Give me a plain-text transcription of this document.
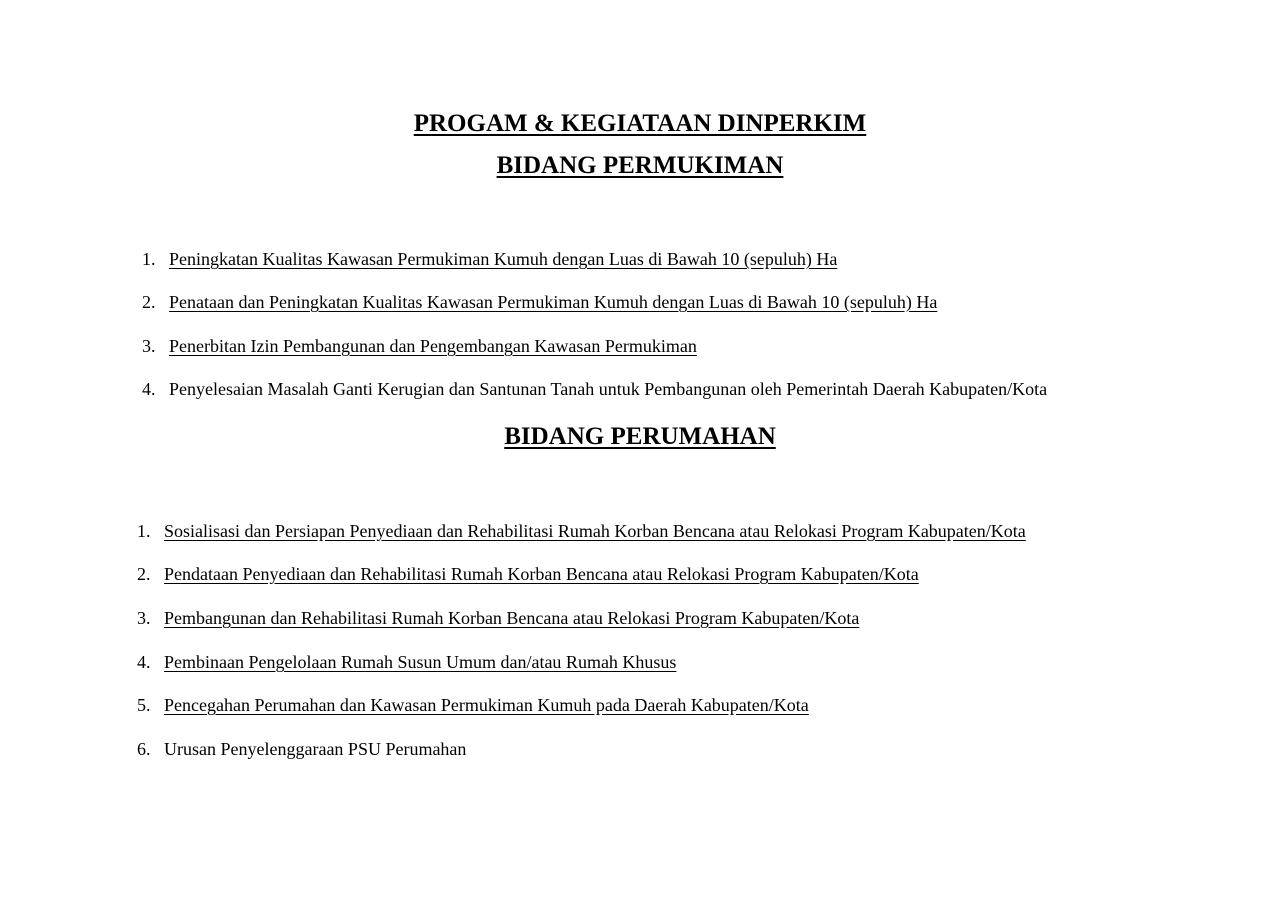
PROGAM & KEGIATAAN DINPERKIM
BIDANG PERMUKIMAN
1. Peningkatan Kualitas Kawasan Permukiman Kumuh dengan Luas di Bawah 10 (sepuluh) Ha
2. Penataan dan Peningkatan Kualitas Kawasan Permukiman Kumuh dengan Luas di Bawah 10 (sepuluh) Ha
3. Penerbitan Izin Pembangunan dan Pengembangan Kawasan Permukiman
4. Penyelesaian Masalah Ganti Kerugian dan Santunan Tanah untuk Pembangunan oleh Pemerintah Daerah Kabupaten/Kota
BIDANG PERUMAHAN
1. Sosialisasi dan Persiapan Penyediaan dan Rehabilitasi Rumah Korban Bencana atau Relokasi Program Kabupaten/Kota
2. Pendataan Penyediaan dan Rehabilitasi Rumah Korban Bencana atau Relokasi Program Kabupaten/Kota
3. Pembangunan dan Rehabilitasi Rumah Korban Bencana atau Relokasi Program Kabupaten/Kota
4. Pembinaan Pengelolaan Rumah Susun Umum dan/atau Rumah Khusus
5. Pencegahan Perumahan dan Kawasan Permukiman Kumuh pada Daerah Kabupaten/Kota
6. Urusan Penyelenggaraan PSU Perumahan
